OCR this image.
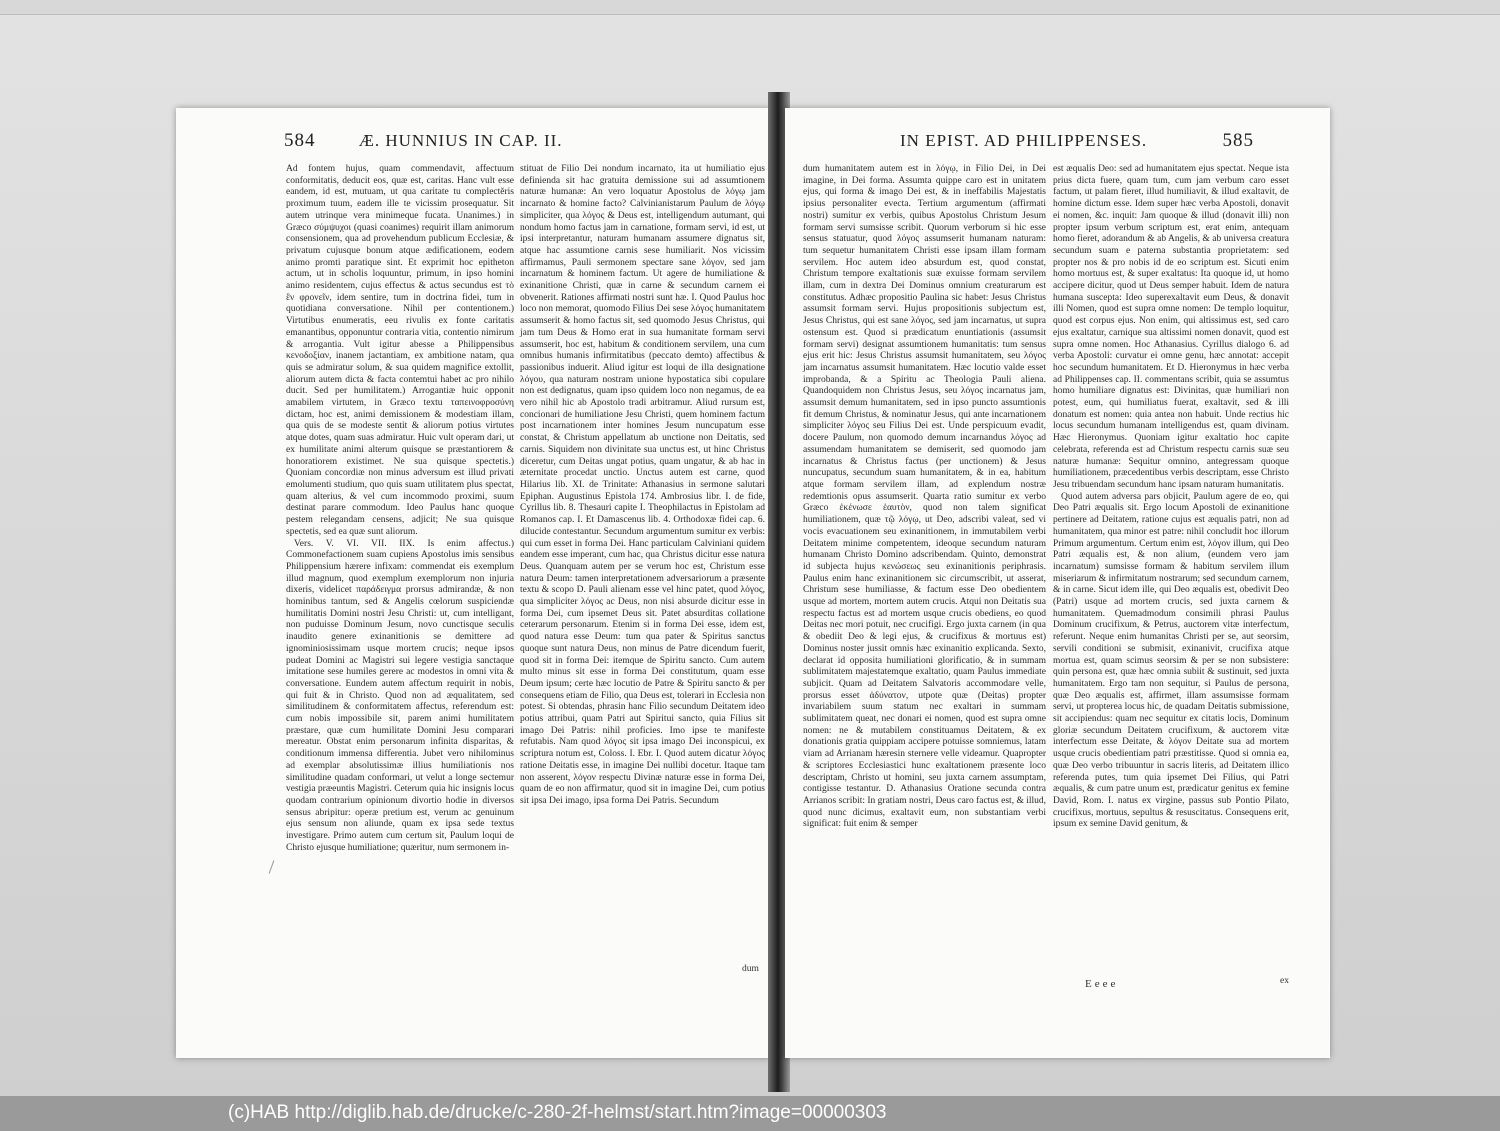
584	Æ. HUNNIUS IN CAP. II.

Ad fontem hujus, quam commendavit, affectuum conformitatis, deducit eos, quæ est, caritas. Hanc vult esse eandem, id est, mutuam, ut qua caritate tu complectĕris proximum tuum, eadem ille te vicissim prosequatur. Sit autem utrinque vera minimeque fucata. Unanimes.) in Græco σύμψυχοι (quasi coanimes) requirit illam animorum consensionem, qua ad provehendum publicum Ecclesiæ, & privatum cujusque bonum atque ædificationem, eodem animo promti paratique sint. Et exprimit hoc epitheton actum, ut in scholis loquuntur, primum, in ipso homini animo residentem, cujus effectus & actus secundus est τὸ ἓν φρονεῖν, idem sentire, tum in doctrina fidei, tum in quotidiana conversatione. Nihil per contentionem.) Virtutibus enumeratis, eeu rivulis ex fonte caritatis emanantibus, opponuntur contraria vitia, contentio nimirum & arrogantia. Vult igitur abesse a Philippensibus κενοδοξίαν, inanem jactantiam, ex ambitione natam, qua quis se admiratur solum, & sua quidem magnifice extollit, aliorum autem dicta & facta contemtui habet ac pro nihilo ducit. Sed per humilitatem.) Arrogantiæ huic opponit amabilem virtutem, in Græco textu ταπεινοφροσύνη dictam, hoc est, animi demissionem & modestiam illam, qua quis de se modeste sentit & aliorum potius virtutes atque dotes, quam suas admiratur. Huic vult operam dari, ut ex humilitate animi alterum quisque se præstantiorem & honoratiorem existimet. Ne sua quisque spectetis.) Quoniam concordiæ non minus adversum est illud privati emolumenti studium, quo quis suam utilitatem plus spectat, quam alterius, & vel cum incommodo proximi, suum destinat parare commodum. Ideo Paulus hanc quoque pestem relegandam censens, adjicit; Ne sua quisque spectetis, sed ea quæ sunt aliorum.

Vers. V. VI. VII. IIX. Is enim affectus.) Commonefactionem suam cupiens Apostolus imis sensibus Philippensium hærere infixam: commendat eis exemplum illud magnum, quod exemplum exemplorum non injuria dixeris, videlicet παράδειγμα prorsus admirandæ, & non hominibus tantum, sed & Angelis cœlorum suspiciendæ humilitatis Domini nostri Jesu Christi: ut, cum intelligant, non puduisse Dominum Jesum, novo cunctisque seculis inaudito genere exinanitionis se demittere ad ignominiosissimam usque mortem crucis; neque ipsos pudeat Domini ac Magistri sui legere vestigia sanctaque imitatione sese humiles gerere ac modestos in omni vita & conversatione. Eundem autem affectum requirit in nobis, qui fuit & in Christo. Quod non ad æqualitatem, sed similitudinem & conformitatem affectus, referendum est: cum nobis impossibile sit, parem animi humilitatem præstare, quæ cum humilitate Domini Jesu comparari mereatur. Obstat enim personarum infinita disparitas, & conditionum immensa differentia. Jubet vero nihilominus ad exemplar absolutissimæ illius humiliationis nos similitudine quadam conformari, ut velut a longe sectemur vestigia præeuntis Magistri. Ceterum quia hic insignis locus quodam contrarium opinionum divortio hodie in diversos sensus abripitur: operæ pretium est, verum ac genuinum ejus sensum non aliunde, quam ex ipsa sede textus investigare. Primo autem cum certum sit, Paulum loqui de Christo ejusque humiliatione; quæritur, num sermonem in-

stituat de Filio Dei nondum incarnato, ita ut humiliatio ejus definienda sit hac gratuita demissione sui ad assumtionem naturæ humanæ: An vero loquatur Apostolus de λόγῳ jam incarnato & homine facto? Calvinianistarum Paulum de λόγῳ simpliciter, qua λόγος & Deus est, intelligendum autumant, qui nondum homo factus jam in carnatione, formam servi, id est, ut ipsi interpretantur, naturam humanam assumere dignatus sit, atque hac assumtione carnis sese humiliarit. Nos vicissim affirmamus, Pauli sermonem spectare sane λόγον, sed jam incarnatum & hominem factum. Ut agere de humiliatione & exinanitione Christi, quæ in carne & secundum carnem ei obvenerit. Rationes affirmati nostri sunt hæ. I. Quod Paulus hoc loco non memorat, quomodo Filius Dei sese λόγος humanitatem assumserit & homo factus sit, sed quomodo Jesus Christus, qui jam tum Deus & Homo erat in sua humanitate formam servi assumserit, hoc est, habitum & conditionem servilem, una cum omnibus humanis infirmitatibus (peccato demto) affectibus & passionibus induerit. Aliud igitur est loqui de illa designatione λόγου, qua naturam nostram unione hypostatica sibi copulare non est dedignatus, quam ipso quidem loco non negamus, de ea vero nihil hic ab Apostolo tradi arbitramur. Aliud rursum est, concionari de humiliatione Jesu Christi, quem hominem factum post incarnationem inter homines Jesum nuncupatum esse constat, & Christum appellatum ab unctione non Deitatis, sed carnis. Siquidem non divinitate sua unctus est, ut hinc Christus diceretur, cum Deitas ungat potius, quam ungatur, & ab hac in æternitate procedat unctio. Unctus autem est carne, quod Hilarius lib. XI. de Trinitate: Athanasius in sermone salutari Epiphan. Augustinus Epistola 174. Ambrosius libr. I. de fide, Cyrillus lib. 8. Thesauri capite I. Theophilactus in Epistolam ad Romanos cap. I. Et Damascenus lib. 4. Orthodoxæ fidei cap. 6. dilucide contestantur. Secundum argumentum sumitur ex verbis: qui cum esset in forma Dei. Hanc particulam Calviniani quidem eandem esse imperant, cum hac, qua Christus dicitur esse natura Deus. Quanquam autem per se verum hoc est, Christum esse natura Deum: tamen interpretationem adversariorum a præsente textu & scopo D. Pauli alienam esse vel hinc patet, quod λόγος, qua simpliciter λόγος ac Deus, non nisi absurde dicitur esse in forma Dei, cum ipsemet Deus sit. Patet absurditas collatione ceterarum personarum. Etenim si in forma Dei esse, idem est, quod natura esse Deum: tum qua pater & Spiritus sanctus quoque sunt natura Deus, non minus de Patre dicendum fuerit, quod sit in forma Dei: itemque de Spiritu sancto. Cum autem multo minus sit esse in forma Dei constitutum, quam esse Deum ipsum; certe hæc locutio de Patre & Spiritu sancto & per consequens etiam de Filio, qua Deus est, tolerari in Ecclesia non potest. Si obtendas, phrasin hanc Filio secundum Deitatem ideo potius attribui, quam Patri aut Spiritui sancto, quia Filius sit imago Dei Patris: nihil proficies. Imo ipse te manifeste refutabis. Nam quod λόγος sit ipsa imago Dei inconspicui, ex scriptura notum est, Coloss. I. Ebr. I. Quod autem dicatur λόγος ratione Deitatis esse, in imagine Dei nullibi docetur. Itaque tam non asserent, λόγον respectu Divinæ naturæ esse in forma Dei, quam de eo non affirmatur, quod sit in imagine Dei, cum potius sit ipsa Dei imago, ipsa forma Dei Patris. Secundum

dum
IN EPIST. AD PHILIPPENSES.	585

dum humanitatem autem est in λόγῳ, in Filio Dei, in Dei imagine, in Dei forma. Assumta quippe caro est in unitatem ejus, qui forma & imago Dei est, & in ineffabilis Majestatis ipsius personaliter evecta. Tertium argumentum (affirmati nostri) sumitur ex verbis, quibus Apostolus Christum Jesum formam servi sumsisse scribit. Quorum verborum si hic esse sensus statuatur, quod λόγος assumserit humanam naturam: tum sequetur humanitatem Christi esse ipsam illam formam servilem. Hoc autem ideo absurdum est, quod constat, Christum tempore exaltationis suæ exuisse formam servilem illam, cum in dextra Dei Dominus omnium creaturarum est constitutus. Adhæc propositio Paulina sic habet: Jesus Christus assumsit formam servi. Hujus propositionis subjectum est, Jesus Christus, qui est sane λόγος, sed jam incarnatus, ut supra ostensum est. Quod si prædicatum enuntiationis (assumsit formam servi) designat assumtionem humanitatis: tum sensus ejus erit hic: Jesus Christus assumsit humanitatem, seu λόγος jam incarnatus assumsit humanitatem. Hæc locutio valde esset improbanda, & a Spiritu ac Theologia Pauli aliena. Quandoquidem non Christus Jesus, seu λόγος incarnatus jam, assumsit demum humanitatem, sed in ipso puncto assumtionis fit demum Christus, & nominatur Jesus, qui ante incarnationem simpliciter λόγος seu Filius Dei est. Unde perspicuum evadit, docere Paulum, non quomodo demum incarnandus λόγος ad assumendam humanitatem se demiserit, sed quomodo jam incarnatus & Christus factus (per unctionem) & Jesus nuncupatus, secundum suam humanitatem, & in ea, habitum atque formam servilem illam, ad explendum nostræ redemtionis opus assumserit. Quarta ratio sumitur ex verbo Græco ἐκένωσε ἑαυτὸν, quod non talem significat humiliationem, quæ τῷ λόγῳ, ut Deo, adscribi valeat, sed vi vocis evacuationem seu exinanitionem, in immutabilem verbi Deitatem minime competentem, ideoque secundum naturam humanam Christo Domino adscribendam. Quinto, demonstrat id subjecta hujus κενώσεως seu exinanitionis periphrasis. Paulus enim hanc exinanitionem sic circumscribit, ut asserat, Christum sese humiliasse, & factum esse Deo obedientem usque ad mortem, mortem autem crucis. Atqui non Deitatis sua respectu factus est ad mortem usque crucis obediens, eo quod Deitas nec mori potuit, nec crucifigi. Ergo juxta carnem (in qua & obediit Deo & legi ejus, & crucifixus & mortuus est) Dominus noster jussit omnis hæc exinanitio explicanda. Sexto, declarat id opposita humiliationi glorificatio, & in summam sublimitatem majestatemque exaltatio, quam Paulus immediate subjicit. Quam ad Deitatem Salvatoris accommodare velle, prorsus esset ἀδύνατον, utpote quæ (Deitas) propter invariabilem suum statum nec exaltari in summam sublimitatem queat, nec donari ei nomen, quod est supra omne nomen: ne & mutabilem constituamus Deitatem, & ex donationis gratia quippiam accipere potuisse somniemus, latam viam ad Arrianam hæresin sternere velle videamur. Quapropter & scriptores Ecclesiastici hunc exaltationem præsente loco descriptam, Christo ut homini, seu juxta carnem assumptam, contigisse testantur. D. Athanasius Oratione secunda contra Arrianos scribit: In gratiam nostri, Deus caro factus est, & illud, quod nunc dicimus, exaltavit eum, non substantiam verbi significat: fuit enim & semper

est æqualis Deo: sed ad humanitatem ejus spectat. Neque ista prius dicta fuere, quam tum, cum jam verbum caro esset factum, ut palam fieret, illud humiliavit, & illud exaltavit, de homine dictum esse. Idem super hæc verba Apostoli, donavit ei nomen, &c. inquit: Jam quoque & illud (donavit illi) non propter ipsum verbum scriptum est, erat enim, antequam homo fieret, adorandum & ab Angelis, & ab universa creatura secundum suam e paterna substantia proprietatem: sed propter nos & pro nobis id de eo scriptum est. Sicuti enim homo mortuus est, & super exaltatus: Ita quoque id, ut homo accipere dicitur, quod ut Deus semper habuit. Idem de natura humana suscepta: Ideo superexaltavit eum Deus, & donavit illi Nomen, quod est supra omne nomen: De templo loquitur, quod est corpus ejus. Non enim, qui altissimus est, sed caro ejus exaltatur, carnique sua altissimi nomen donavit, quod est supra omne nomen. Hoc Athanasius. Cyrillus dialogo 6. ad verba Apostoli: curvatur ei omne genu, hæc annotat: accepit hoc secundum humanitatem. Et D. Hieronymus in hæc verba ad Philippenses cap. II. commentans scribit, quia se assumtus homo humiliare dignatus est: Divinitas, quæ humiliari non potest, eum, qui humiliatus fuerat, exaltavit, sed & illi donatum est nomen: quia antea non habuit. Unde rectius hic locus secundum humanam intelligendus est, quam divinam. Hæc Hieronymus. Quoniam igitur exaltatio hoc capite celebrata, referenda est ad Christum respectu carnis suæ seu naturæ humanæ: Sequitur omnino, antegressam quoque humiliationem, præcedentibus verbis descriptam, esse Christo Jesu tribuendam secundum hanc ipsam naturam humanitatis.

Quod autem adversa pars objicit, Paulum agere de eo, qui Deo Patri æqualis sit. Ergo locum Apostoli de exinanitione pertinere ad Deitatem, ratione cujus est æqualis patri, non ad humanitatem, qua minor est patre: nihil concludit hoc illorum Primum argumentum. Certum enim est, λόγον illum, qui Deo Patri æqualis est, & non alium, (eundem vero jam incarnatum) sumsisse formam & habitum servilem illum miseriarum & infirmitatum nostrarum; sed secundum carnem, & in carne. Sicut idem ille, qui Deo æqualis est, obedivit Deo (Patri) usque ad mortem crucis, sed juxta carnem & humanitatem. Quemadmodum consimili phrasi Paulus Dominum crucifixum, & Petrus, auctorem vitæ interfectum, referunt. Neque enim humanitas Christi per se, aut seorsim, servili conditioni se submisit, exinanivit, crucifixa atque mortua est, quam scimus seorsim & per se non subsistere: quin persona est, quæ hæc omnia subiit & sustinuit, sed juxta humanitatem. Ergo tam non sequitur, si Paulus de persona, quæ Deo æqualis est, affirmet, illam assumsisse formam servi, ut propterea locus hic, de quadam Deitatis submissione, sit accipiendus: quam nec sequitur ex citatis locis, Dominum gloriæ secundum Deitatem crucifixum, & auctorem vitæ interfectum esse Deitate, & λόγον Deitate sua ad mortem usque crucis obedientiam patri præstitisse. Quod si omnia ea, quæ Deo verbo tribuuntur in sacris literis, ad Deitatem illico referenda putes, tum quia ipsemet Dei Filius, qui Patri æqualis, & cum patre unum est, prædicatur genitus ex femine David, Rom. I. natus ex virgine, passus sub Pontio Pilato, crucifixus, mortuus, sepultus & resuscitatus. Consequens erit, ipsum ex semine David genitum, &

Eeee	ex
(c)HAB http://diglib.hab.de/drucke/c-280-2f-helmst/start.htm?image=00000303
